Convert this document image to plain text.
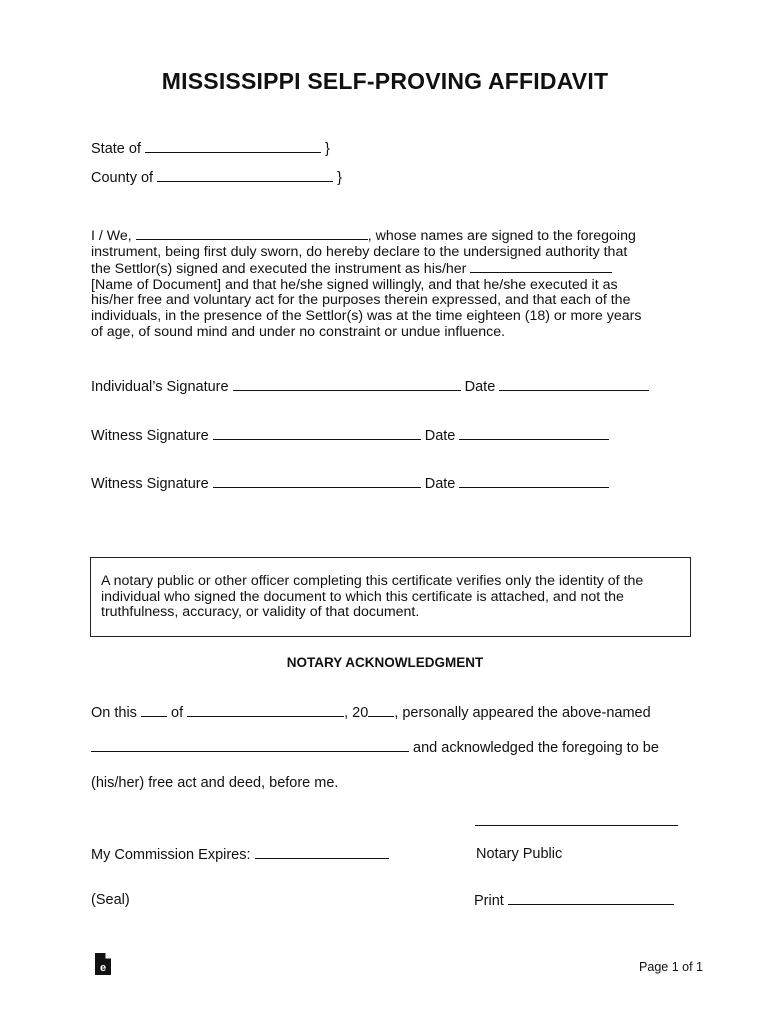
MISSISSIPPI SELF-PROVING AFFIDAVIT
State of	}
County of	}

I / We,	, whose names are signed to the foregoing

instrument, being first duly sworn, do hereby declare to the undersigned authority that

the Settlor(s) signed and executed the instrument as his/her

[Name of Document] and that he/she signed willingly, and that he/she executed it as

his/her free and voluntary act for the purposes therein expressed, and that each of the

individuals, in the presence of the Settlor(s) was at the time eighteen (18) or more years

of age, of sound mind and under no constraint or undue influence.

Individual’s Signature	Date
Witness Signature	Date
Witness Signature	Date

A notary public or other officer completing this certificate verifies only the identity of the

individual who signed the document to which this certificate is attached, and not the

truthfulness, accuracy, or validity of that document.

NOTARY ACKNOWLEDGMENT
On this of	, 20 , personally appeared the above-named
and acknowledged the foregoing to be
(his/her) free act and deed, before me.
Notary Public
My Commission Expires:
(Seal)	Print
e	Page 1 of 1
